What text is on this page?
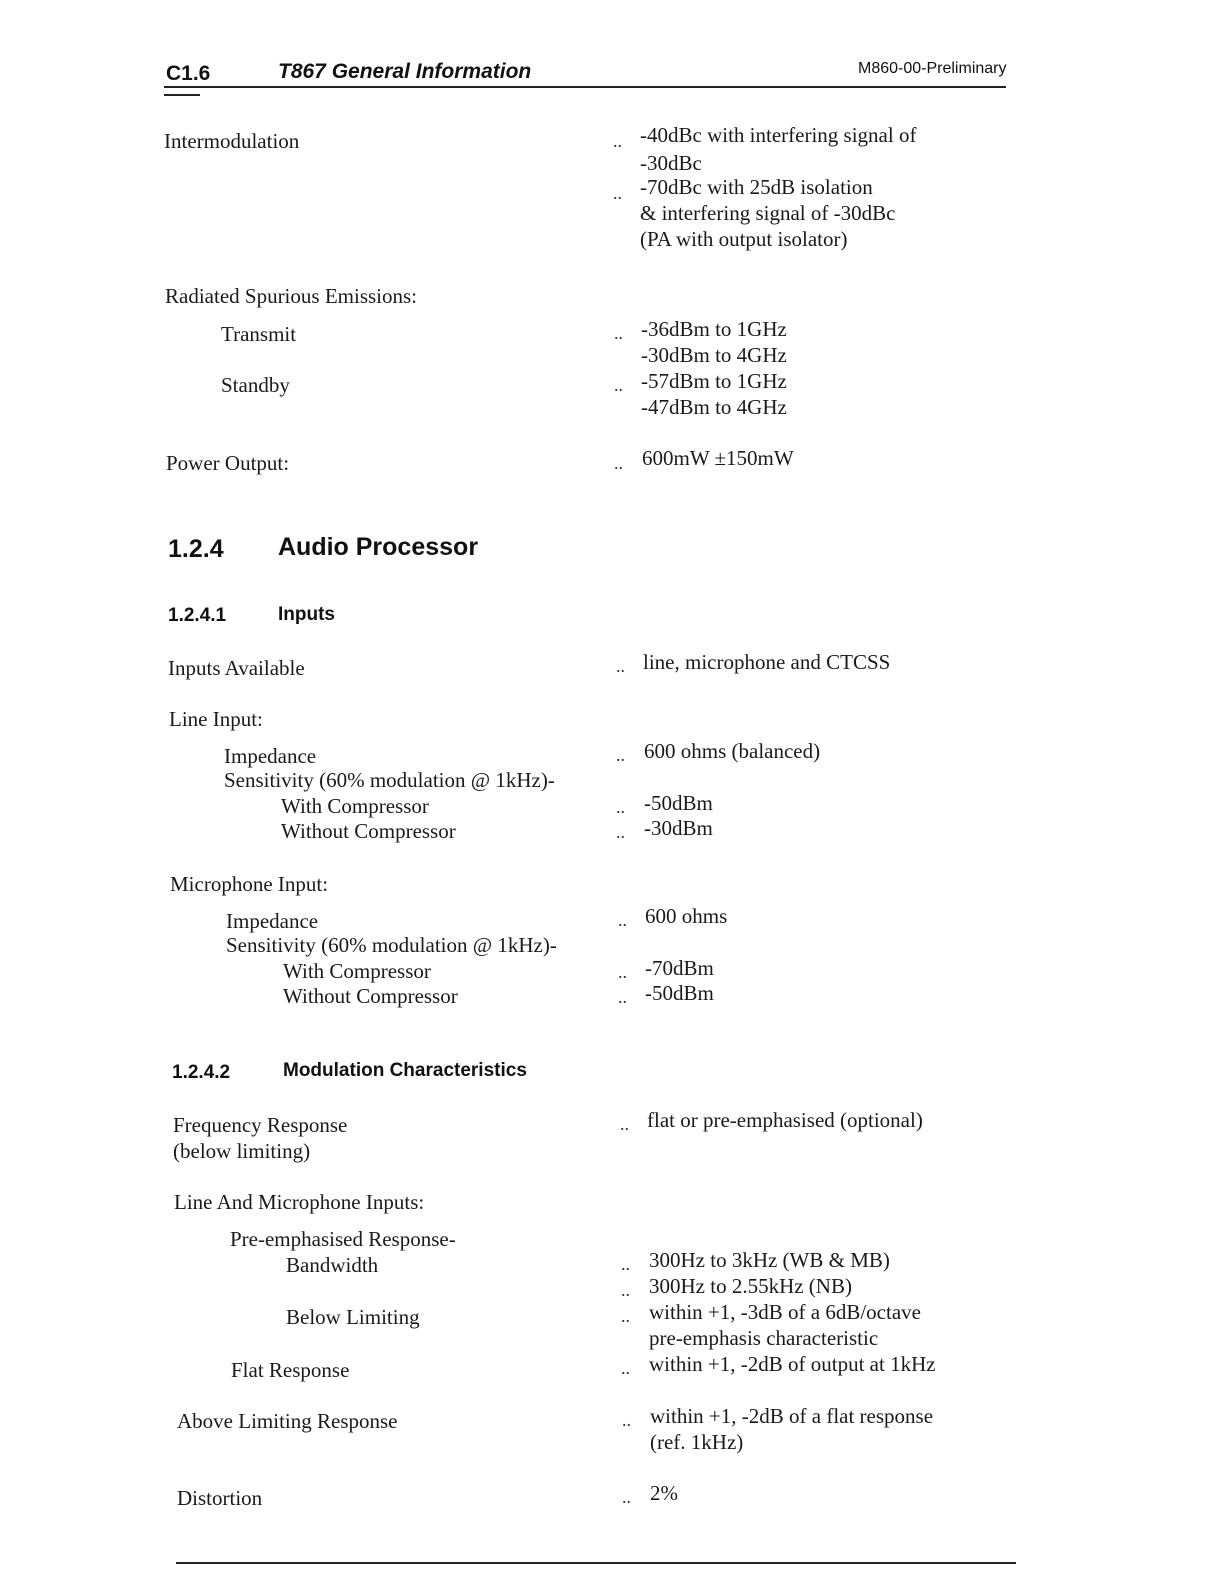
C1.6	T867 General Information	M860-00-Preliminary
Intermodulation	.. -40dBc with interfering signal of
-30dBc
.. -70dBc with 25dB isolation
& interfering signal of -30dBc
(PA with output isolator)
Radiated Spurious Emissions:
Transmit	.. -36dBm to 1GHz
-30dBm to 4GHz
Standby	.. -57dBm to 1GHz
-47dBm to 4GHz
Power Output:	.. 600mW ±150mW
1.2.4 Audio Processor
1.2.4.1	Inputs
Inputs Available	.. line, microphone and CTCSS
Line Input:
Impedance	.. 600 ohms (balanced)
Sensitivity (60% modulation @ 1kHz)-
With Compressor	.. -50dBm
Without Compressor	.. -30dBm
Microphone Input:
Impedance	.. 600 ohms
Sensitivity (60% modulation @ 1kHz)-
With Compressor	.. -70dBm
Without Compressor	.. -50dBm
1.2.4.2	Modulation Characteristics
Frequency Response
(below limiting)
.. flat or pre-emphasised (optional)
Line And Microphone Inputs:
Pre-emphasised Response-
Bandwidth	.. 300Hz to 3kHz (WB & MB)
.. 300Hz to 2.55kHz (NB)
Below Limiting	.. within +1, -3dB of a 6dB/octave
pre-emphasis characteristic
Flat Response	.. within +1, -2dB of output at 1kHz
Above Limiting Response	.. within +1, -2dB of a flat response
(ref. 1kHz)
Distortion	.. 2%
